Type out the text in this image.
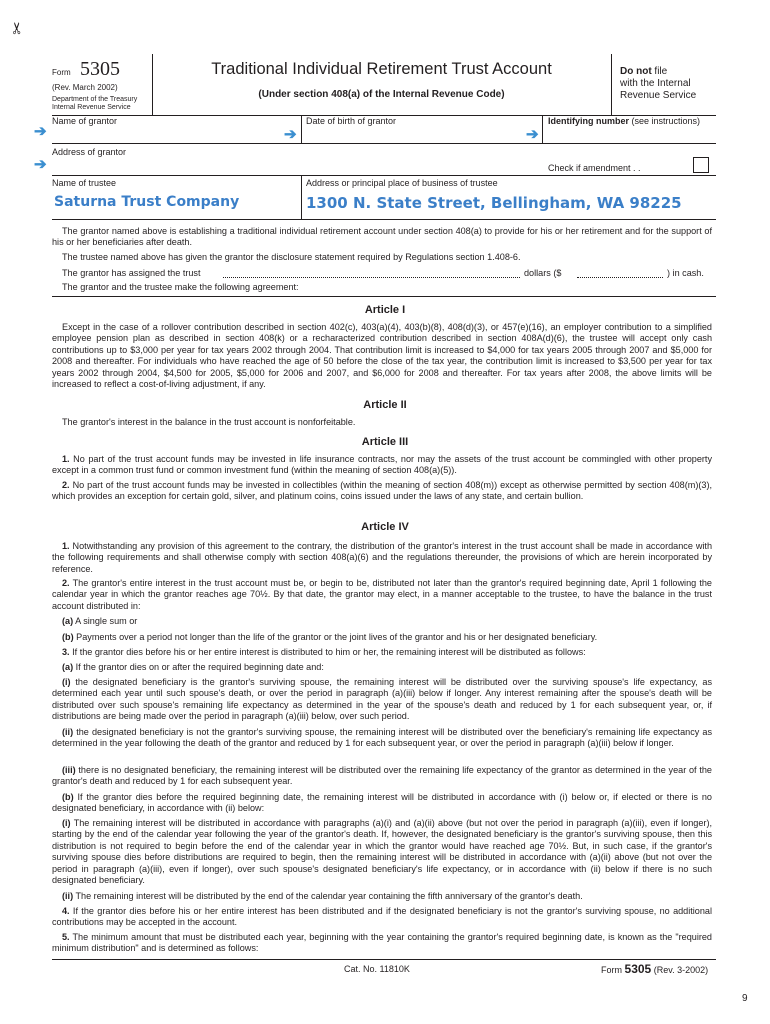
✂
Form 5305
(Rev. March 2002)
Department of the Treasury
Internal Revenue Service
Traditional Individual Retirement Trust Account
(Under section 408(a) of the Internal Revenue Code)
Do not file
with the Internal
Revenue Service
Name of grantor	Date of birth of grantor	Identifying number (see instructions)
➔	➔	➔
Address of grantor
➔	Check if amendment . .
Name of trustee	Address or principal place of business of trustee
Saturna Trust Company	1300 N. State Street, Bellingham, WA 98225
The grantor named above is establishing a traditional individual retirement account under section 408(a) to provide for his or her retirement and for the support of his or her beneficiaries after death.
The trustee named above has given the grantor the disclosure statement required by Regulations section 1.408-6.
The grantor has assigned the trust	dollars ($	) in cash.
The grantor and the trustee make the following agreement:
Article I
Except in the case of a rollover contribution described in section 402(c), 403(a)(4), 403(b)(8), 408(d)(3), or 457(e)(16), an employer contribution to a simplified employee pension plan as described in section 408(k) or a recharacterized contribution described in section 408A(d)(6), the trustee will accept only cash contributions up to $3,000 per year for tax years 2002 through 2004. That contribution limit is increased to $4,000 for tax years 2005 through 2007 and $5,000 for 2008 and thereafter. For individuals who have reached the age of 50 before the close of the tax year, the contribution limit is increased to $3,500 per year for tax years 2002 through 2004, $4,500 for 2005, $5,000 for 2006 and 2007, and $6,000 for 2008 and thereafter. For tax years after 2008, the above limits will be increased to reflect a cost-of-living adjustment, if any.
Article II
The grantor's interest in the balance in the trust account is nonforfeitable.
Article III
1. No part of the trust account funds may be invested in life insurance contracts, nor may the assets of the trust account be commingled with other property except in a common trust fund or common investment fund (within the meaning of section 408(a)(5)).
2. No part of the trust account funds may be invested in collectibles (within the meaning of section 408(m)) except as otherwise permitted by section 408(m)(3), which provides an exception for certain gold, silver, and platinum coins, coins issued under the laws of any state, and certain bullion.
Article IV
1. Notwithstanding any provision of this agreement to the contrary, the distribution of the grantor's interest in the trust account shall be made in accordance with the following requirements and shall otherwise comply with section 408(a)(6) and the regulations thereunder, the provisions of which are herein incorporated by reference.
2. The grantor's entire interest in the trust account must be, or begin to be, distributed not later than the grantor's required beginning date, April 1 following the calendar year in which the grantor reaches age 70½. By that date, the grantor may elect, in a manner acceptable to the trustee, to have the balance in the trust account distributed in:
(a) A single sum or
(b) Payments over a period not longer than the life of the grantor or the joint lives of the grantor and his or her designated beneficiary.
3. If the grantor dies before his or her entire interest is distributed to him or her, the remaining interest will be distributed as follows:
(a) If the grantor dies on or after the required beginning date and:
(i) the designated beneficiary is the grantor's surviving spouse, the remaining interest will be distributed over the surviving spouse's life expectancy, as determined each year until such spouse's death, or over the period in paragraph (a)(iii) below if longer. Any interest remaining after the spouse's death will be distributed over such spouse's remaining life expectancy as determined in the year of the spouse's death and reduced by 1 for each subsequent year, or, if distributions are being made over the period in paragraph (a)(iii) below, over such period.
(ii) the designated beneficiary is not the grantor's surviving spouse, the remaining interest will be distributed over the beneficiary's remaining life expectancy as determined in the year following the death of the grantor and reduced by 1 for each subsequent year, or over the period in paragraph (a)(iii) below if longer.
(iii) there is no designated beneficiary, the remaining interest will be distributed over the remaining life expectancy of the grantor as determined in the year of the grantor's death and reduced by 1 for each subsequent year.
(b) If the grantor dies before the required beginning date, the remaining interest will be distributed in accordance with (i) below or, if elected or there is no designated beneficiary, in accordance with (ii) below:
(i) The remaining interest will be distributed in accordance with paragraphs (a)(i) and (a)(ii) above (but not over the period in paragraph (a)(iii), even if longer), starting by the end of the calendar year following the year of the grantor's death. If, however, the designated beneficiary is the grantor's surviving spouse, then this distribution is not required to begin before the end of the calendar year in which the grantor would have reached age 70½. But, in such case, if the grantor's surviving spouse dies before distributions are required to begin, then the remaining interest will be distributed in accordance with (a)(ii) above (but not over the period in paragraph (a)(iii), even if longer), over such spouse's designated beneficiary's life expectancy, or in accordance with (ii) below if there is no such designated beneficiary.
(ii) The remaining interest will be distributed by the end of the calendar year containing the fifth anniversary of the grantor's death.
4. If the grantor dies before his or her entire interest has been distributed and if the designated beneficiary is not the grantor's surviving spouse, no additional contributions may be accepted in the account.
5. The minimum amount that must be distributed each year, beginning with the year containing the grantor's required beginning date, is known as the "required minimum distribution" and is determined as follows:
Cat. No. 11810K	Form 5305 (Rev. 3-2002)
9
